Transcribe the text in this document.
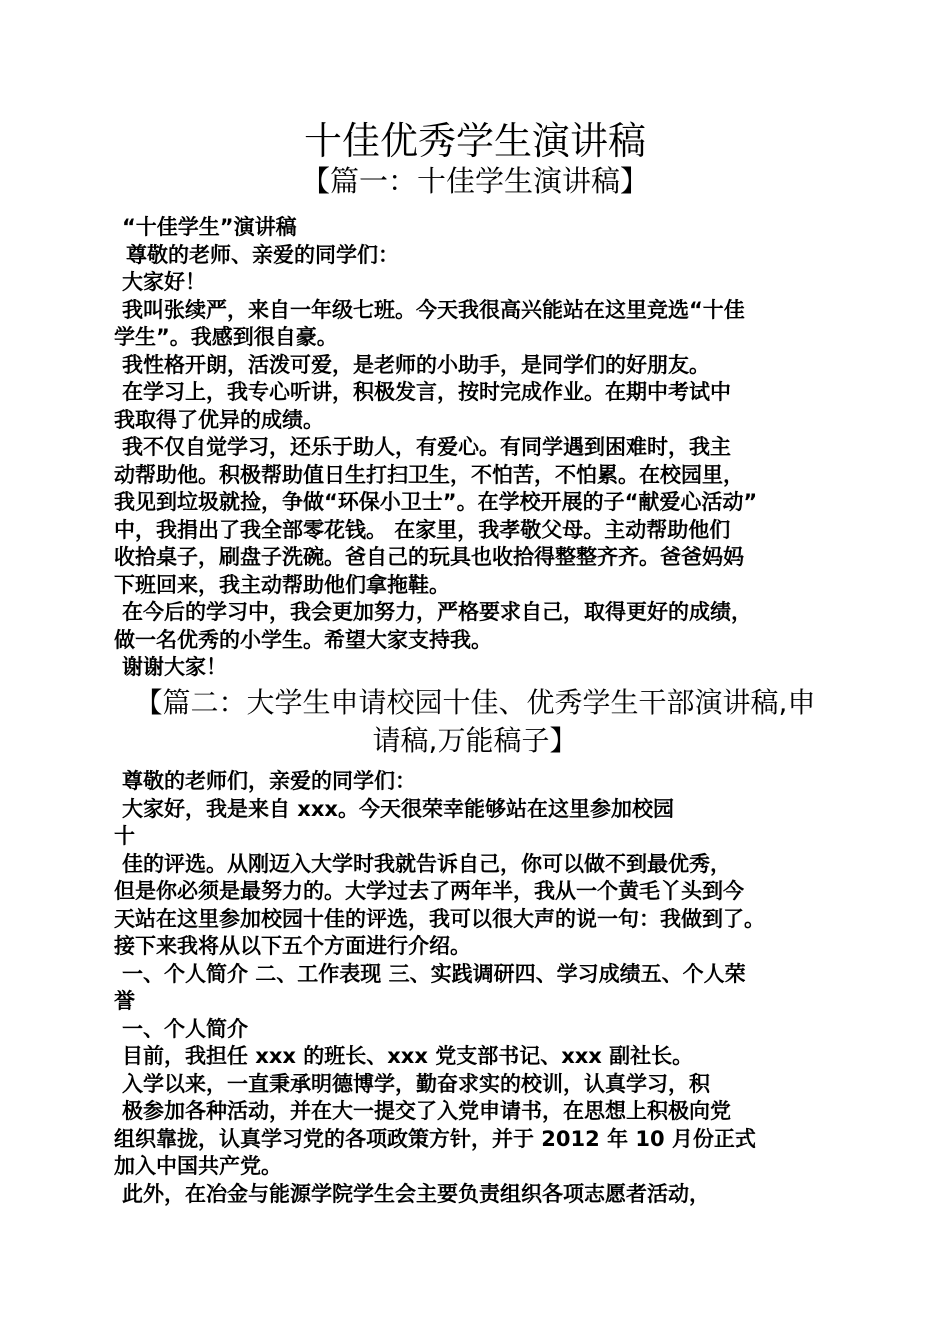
十佳优秀学生演讲稿
【篇一：十佳学生演讲稿】
“十佳学生”演讲稿
尊敬的老师、亲爱的同学们：
大家好！
我叫张续严，来自一年级七班。今天我很高兴能站在这里竞选“十佳
学生”。我感到很自豪。
我性格开朗，活泼可爱，是老师的小助手，是同学们的好朋友。
在学习上，我专心听讲，积极发言，按时完成作业。在期中考试中
我取得了优异的成绩。
我不仅自觉学习，还乐于助人，有爱心。有同学遇到困难时，我主
动帮助他。积极帮助值日生打扫卫生，不怕苦，不怕累。在校园里，
我见到垃圾就捡，争做“环保小卫士”。在学校开展的子“献爱心活动”
中，我捐出了我全部零花钱。 在家里，我孝敬父母。主动帮助他们
收拾桌子，刷盘子洗碗。爸自己的玩具也收拾得整整齐齐。爸爸妈妈
下班回来，我主动帮助他们拿拖鞋。
在今后的学习中，我会更加努力，严格要求自己，取得更好的成绩，
做一名优秀的小学生。希望大家支持我。
谢谢大家！
【篇二：大学生申请校园十佳、优秀学生干部演讲稿,申
请稿,万能稿子】
尊敬的老师们，亲爱的同学们：
大家好，我是来自 xxx。今天很荣幸能够站在这里参加校园
十
佳的评选。从刚迈入大学时我就告诉自己，你可以做不到最优秀，
但是你必须是最努力的。大学过去了两年半，我从一个黄毛丫头到今
天站在这里参加校园十佳的评选，我可以很大声的说一句：我做到了。
接下来我将从以下五个方面进行介绍。
一、个人简介 二、工作表现 三、实践调研四、学习成绩五、个人荣
誉
一、个人简介
目前，我担任 xxx 的班长、xxx 党支部书记、xxx 副社长。
入学以来，一直秉承明德博学，勤奋求实的校训，认真学习，积
极参加各种活动，并在大一提交了入党申请书，在思想上积极向党
组织靠拢，认真学习党的各项政策方针，并于 2012 年 10 月份正式
加入中国共产党。
此外，在冶金与能源学院学生会主要负责组织各项志愿者活动，
